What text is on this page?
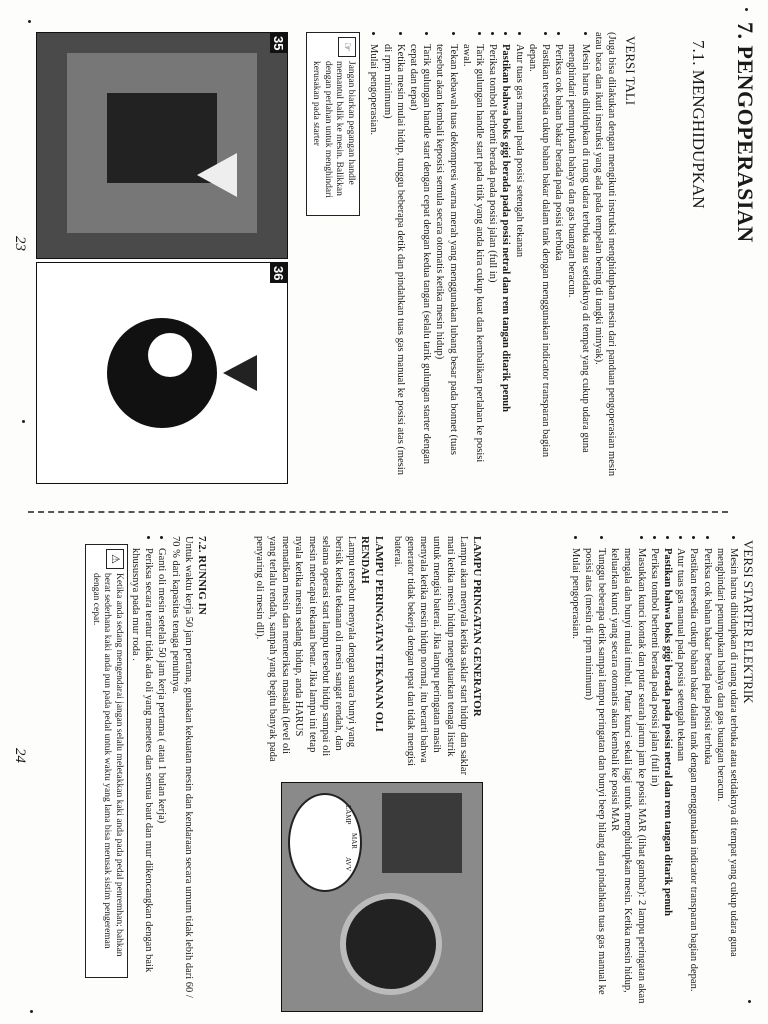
7. PENGOPERASIAN
7.1. MENGHIDUPKAN
VERSI TALI

(Juga bisa dilakukan dengan mengikuti instruksi menghidupkan mesin dari panduan pengoperasian mesin atau baca dan ikuti instruksi yang ada pada tempelan bening di tangki minyak).

• Mesin harus dihidupkan di ruang udara terbuka atau setidaknya di tempat yang cukup udara guna menghindari penumpukan bahaya dan gas buangan beracun.
• Periksa cok bahan bakar berada pada posisi terbuka
• Pastikan tersedia cukup bahan bakar dalam tank dengan menggunakan indicator transparan bagian depan.
• Atur tuas gas manual pada posisi setengah tekanan
• Pastikan bahwa boks gigi berada pada posisi netral dan rem tangan ditarik penuh
• Periksa tombol berhenti berada pada posisi jalan (full in)
• Tarik gulungan handle start pada titik yang anda kira cukup kuat dan kembalikan perlahan ke posisi awal.
• Tekan kebawah tuas dekompresi warna merah yang menggunakan lubang besar pada bonnet (tuas tersebut akan kembali keposisi semula secara otomatis ketika mesin hidup)
• Tarik gulungan handle start dengan cepat dengan kedua tangan (selalu tarik gulungan starter dengan cepat dan tepat)
• Ketika mesin mulai hidup, tunggu beberapa detik dan pindahkan tuas gas manual ke posisi atas (mesin di rpm minimum)
• Mulai pengoperasian.
☞
Jangan biarkan pegangan handle memantul balik ke mesin. Balikkan dengan perlahan untuk menghindari kerusakan pada starter
35
36
23
VERSI STARTER ELEKTRIK
• Mesin harus dihidupkan di ruang udara terbuka atau setidaknya di tempat yang cukup udara guna menghindari penumpukan bahaya dan gas buangan beracun.
• Periksa cok bahan bakar berada pada posisi terbuka
• Pastikan tersedia cukup bahan bakar dalam tank dengan menggunakan indicator transparan bagian depan.
• Atur tuas gas manual pada posisi setengah tekanan
• Pastikan bahwa boks gigi berada pada posisi netral dan rem tangan ditarik penuh
• Periksa tombol berhenti berada pada posisi jalan (full in)
• Masukkan kunci kontak dan putar searah jarum jam ke posisi MAR (lihat gambar): 2 lampu peringatan akan mengala dan bunyi mulai timbul. Putar kunci sekali lagi untuk menghidupkan mesin. Ketika mesin hidup, keluarkan kunci yang secara otomatis akan kembali ke posisi MAR
• Tunggu beberapa detik sampai lampu peringatan dan bunyi beep hilang dan pindahkan tuas gas manual ke posisi atas (mesin di rpm minimum)
• Mulai pengoperasian.
LAMPU PRINGATAN GENERATOR

Lampu akan menyala ketika saklar start hidup dan saklar mati ketika mesin hidup mengeluarkan tenaga listrik untuk mengisi baterai. Jika lampu peringatan masih menyala ketika mesin hidup normal, itu berarti bahwa generator tidak bekerja dengan tepat dan tidak mengisi baterai.

LAMPU PERINGATAN TEKANAN OLI RENDAH

Lampu tersebut menyala dengan suara bunyi yang berisik ketika tekanan oli mesin sangat rendah, dan selama operasi start lampu tersebut hidup sampai oli mesin mencapai tekanan benar. Jika lampu ini tetap nyala ketika mesin sedang hidup, anda HARUS mematikan mesin dan memeriksa masalah (level oli yang terlalu rendah, sampah yang begitu banyak pada penyaring oli mesin dll).

LAMP
MAR
AVV
7.2. RUNNIG IN

Untuk waktu kerja 50 jam pertama, gunakan kekuatan mesin dan kendaraan secara umum tidak lebih dari 60 / 70 % dari kapasitas tenaga penuhnya.

• Ganti oli mesin setelah 50 jam kerja pertama ( atau 1 bulan kerja)
• Periksa secara teratur tidak ada oli yang menetes dan semua baut dan mur dikencangkan dengan baik khususnya pada mur roda .
⚠
Ketika anda sedang mengendarai jangan selalu meletakkan kaki anda pada pedal penremhan; bahkan berat sederhana kaki anda pun pada pedal untuk waktu yang lama bisa merusak sistim pengereman dengan cepat.
24
